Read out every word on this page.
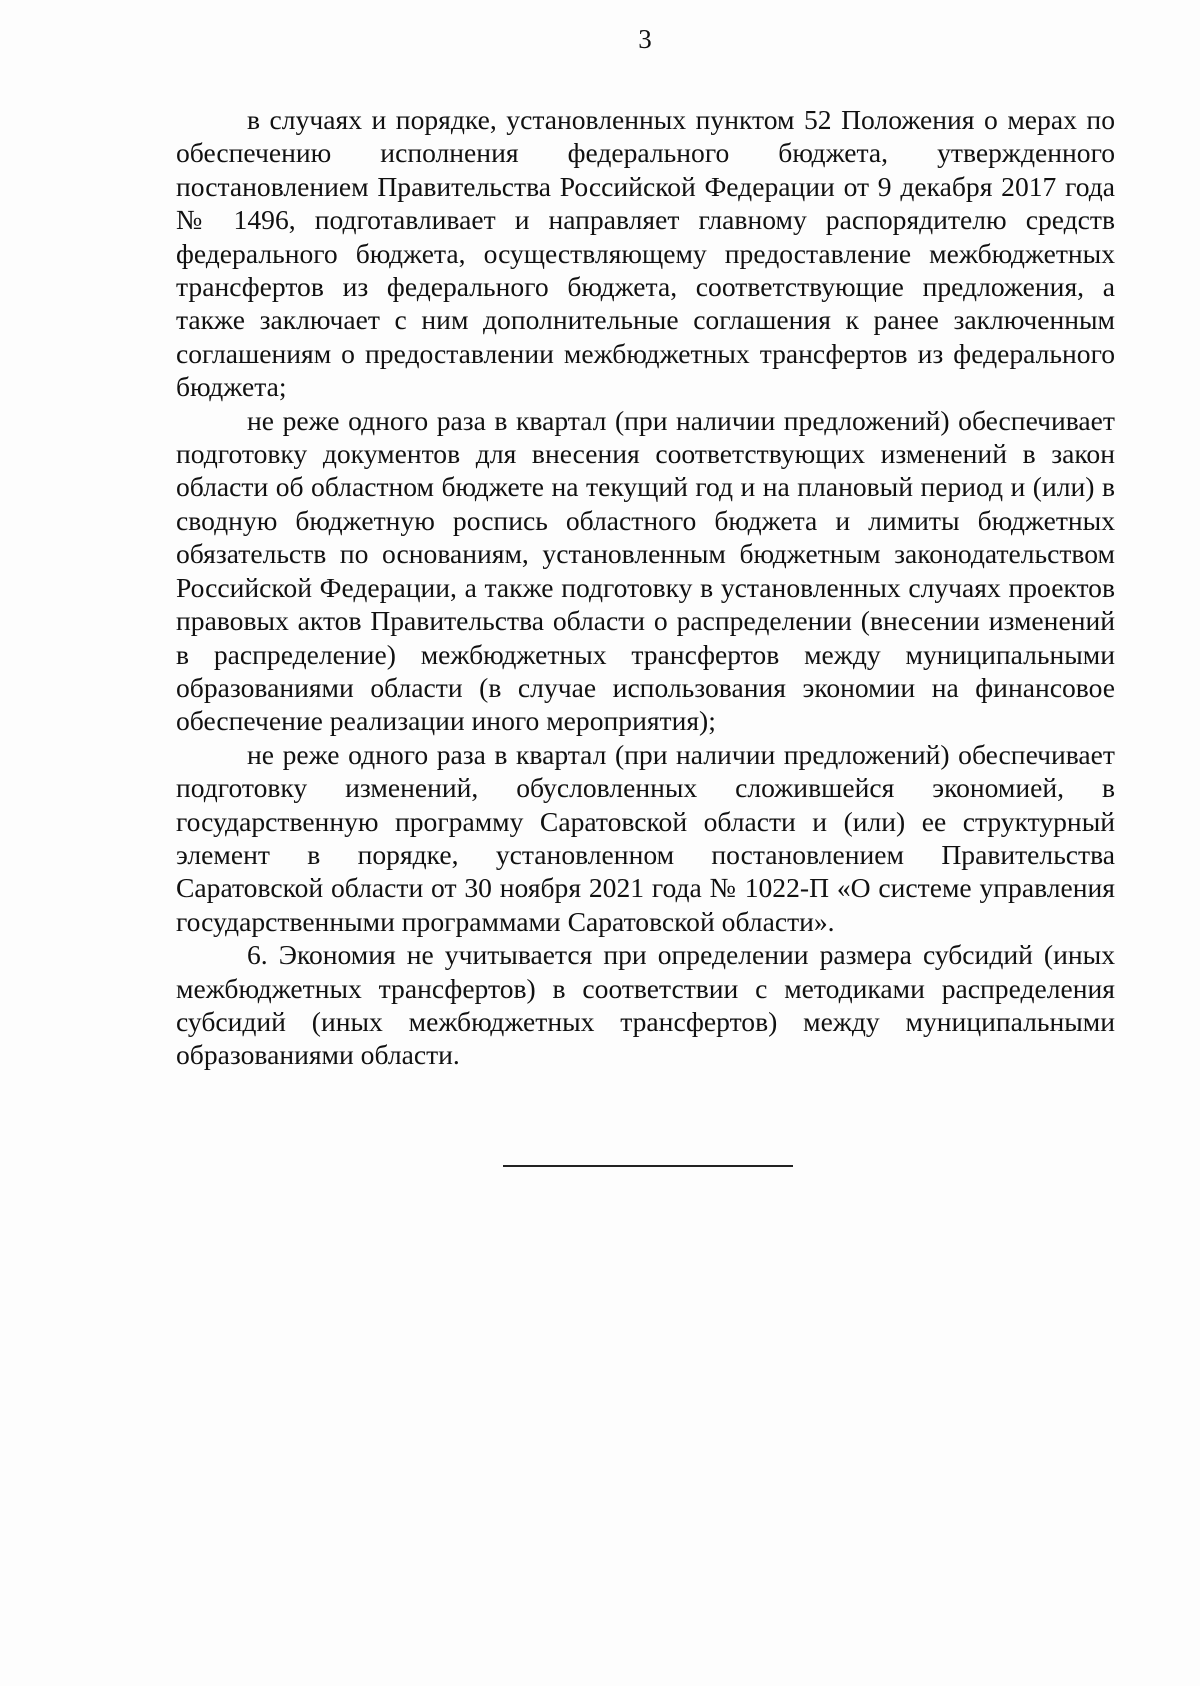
3

в случаях и порядке, установленных пунктом 52 Положения о мерах по обеспечению исполнения федерального бюджета, утвержденного постановлением Правительства Российской Федерации от 9 декабря 2017 года № 1496, подготавливает и направляет главному распорядителю средств федерального бюджета, осуществляющему предоставление межбюджетных трансфертов из федерального бюджета, соответствующие предложения, а также заключает с ним дополнительные соглашения к ранее заключенным соглашениям о предоставлении межбюджетных трансфертов из федерального бюджета;

не реже одного раза в квартал (при наличии предложений) обеспечивает подготовку документов для внесения соответствующих изменений в закон области об областном бюджете на текущий год и на плановый период и (или) в сводную бюджетную роспись областного бюджета и лимиты бюджетных обязательств по основаниям, установленным бюджетным законодательством Российской Федерации, а также подготовку в установленных случаях проектов правовых актов Правительства области о распределении (внесении изменений в распределение) межбюджетных трансфертов между муниципальными образованиями области (в случае использования экономии на финансовое обеспечение реализации иного мероприятия);

не реже одного раза в квартал (при наличии предложений) обеспечивает подготовку изменений, обусловленных сложившейся экономией, в государственную программу Саратовской области и (или) ее структурный элемент в порядке, установленном постановлением Правительства Саратовской области от 30 ноября 2021 года № 1022-П «О системе управления государственными программами Саратовской области».

6. Экономия не учитывается при определении размера субсидий (иных межбюджетных трансфертов) в соответствии с методиками распределения субсидий (иных межбюджетных трансфертов) между муниципальными образованиями области.
